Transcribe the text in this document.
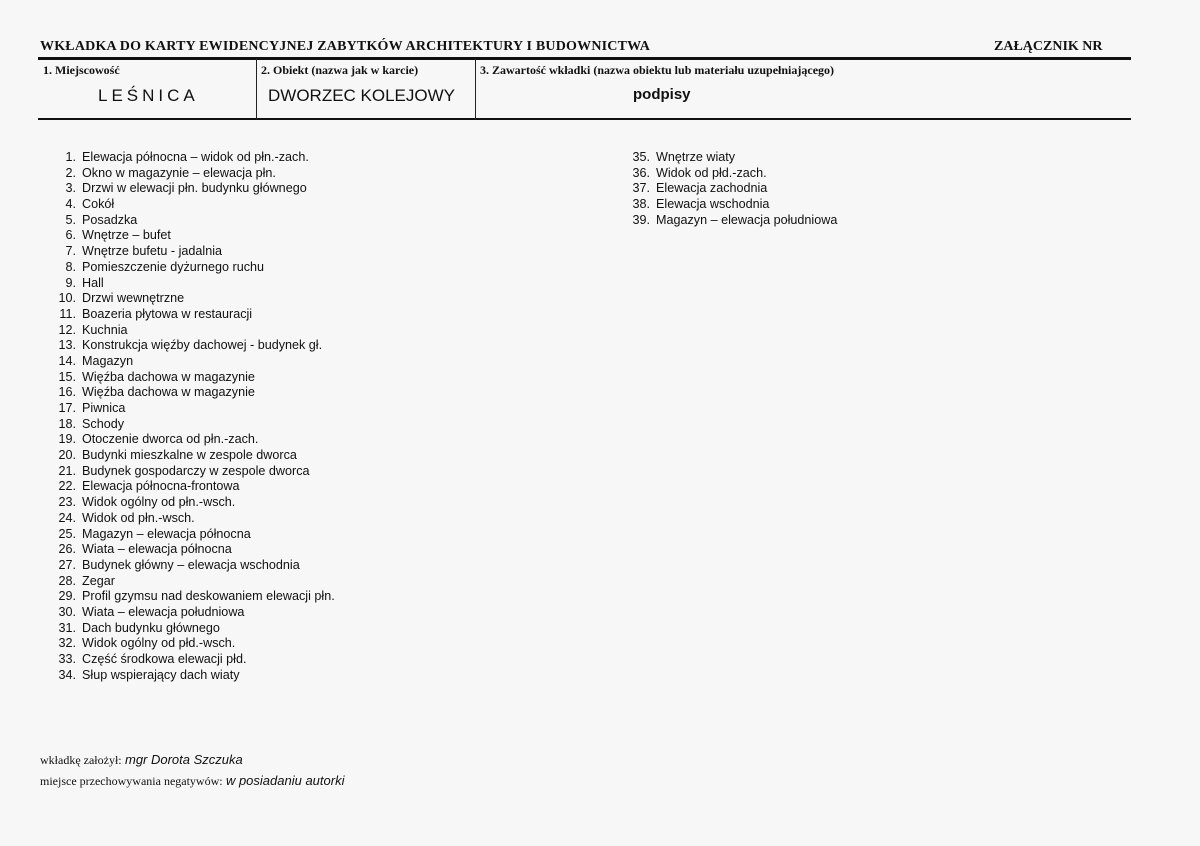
WKŁADKA DO KARTY EWIDENCYJNEJ ZABYTKÓW ARCHITEKTURY I BUDOWNICTWA	ZAŁĄCZNIK NR
1. Miejscowość
LEŚNICA
2. Obiekt (nazwa jak w karcie)
DWORZEC KOLEJOWY
3. Zawartość wkładki (nazwa obiektu lub materiału uzupełniającego)
podpisy
1. Elewacja północna – widok od płn.-zach.
2. Okno w magazynie – elewacja płn.
3. Drzwi w elewacji płn. budynku głównego
4. Cokół
5. Posadzka
6. Wnętrze – bufet
7. Wnętrze bufetu - jadalnia
8. Pomieszczenie dyżurnego ruchu
9. Hall
10. Drzwi wewnętrzne
11. Boazeria płytowa w restauracji
12. Kuchnia
13. Konstrukcja więźby dachowej - budynek gł.
14. Magazyn
15. Więźba dachowa w magazynie
16. Więźba dachowa w magazynie
17. Piwnica
18. Schody
19. Otoczenie dworca od płn.-zach.
20. Budynki mieszkalne w zespole dworca
21. Budynek gospodarczy w zespole dworca
22. Elewacja północna-frontowa
23. Widok ogólny od płn.-wsch.
24. Widok od płn.-wsch.
25. Magazyn – elewacja północna
26. Wiata – elewacja północna
27. Budynek główny – elewacja wschodnia
28. Zegar
29. Profil gzymsu nad deskowaniem elewacji płn.
30. Wiata – elewacja południowa
31. Dach budynku głównego
32. Widok ogólny od płd.-wsch.
33. Część środkowa elewacji płd.
34. Słup wspierający dach wiaty
35. Wnętrze wiaty
36. Widok od płd.-zach.
37. Elewacja zachodnia
38. Elewacja wschodnia
39. Magazyn – elewacja południowa
wkładkę założył: mgr Dorota Szczuka
miejsce przechowywania negatywów: w posiadaniu autorki
